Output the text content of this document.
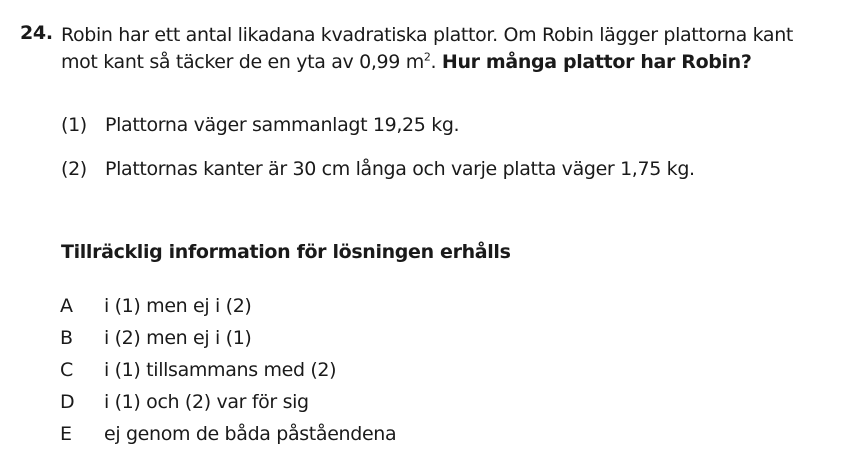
24. Robin har ett antal likadana kvadratiska plattor. Om Robin lägger plattorna kant mot kant så täcker de en yta av 0,99 $m^2$. Hur många plattor har Robin?
(1) Plattorna väger sammanlagt 19,25 kg.
(2) Plattornas kanter är 30 cm långa och varje platta väger 1,75 kg.
Tillräcklig information för lösningen erhålls
A	i (1) men ej i (2)
B	i (2) men ej i (1)
C	i (1) tillsammans med (2)
D	i (1) och (2) var för sig
E	ej genom de båda påståendena
